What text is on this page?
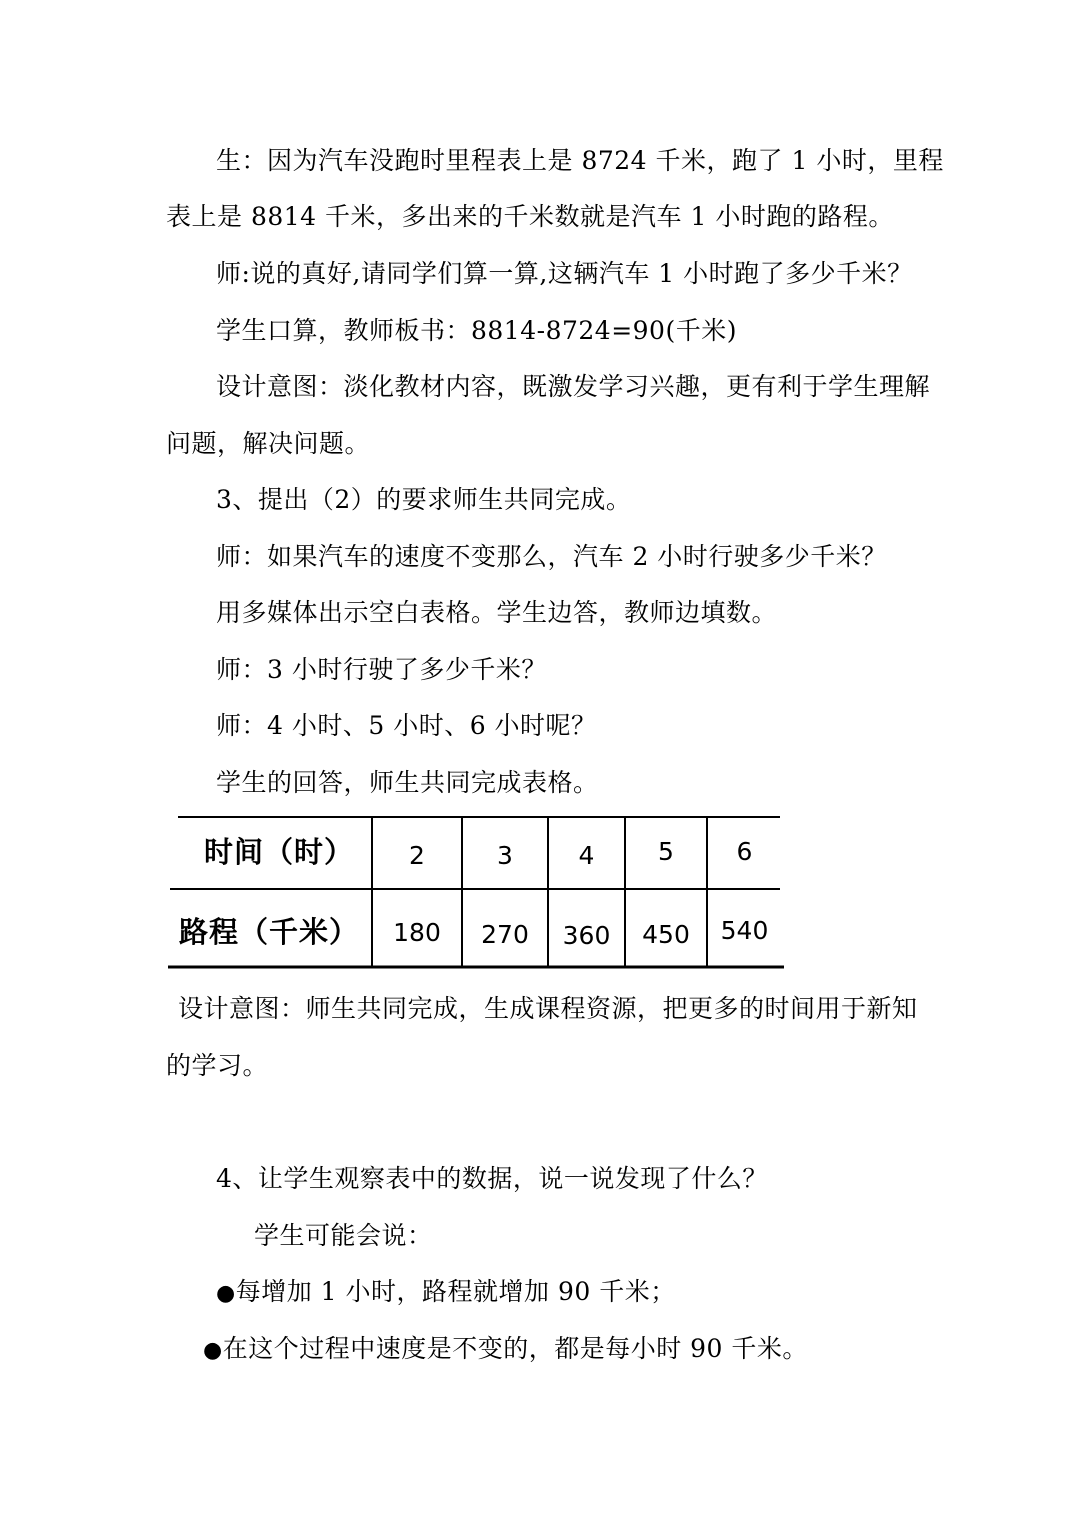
生：因为汽车没跑时里程表上是 8724 千米，跑了 1 小时，里程
表上是 8814 千米，多出来的千米数就是汽车 1 小时跑的路程。
师:说的真好,请同学们算一算,这辆汽车 1 小时跑了多少千米？
学生口算，教师板书：8814-8724=90(千米)
设计意图：淡化教材内容，既激发学习兴趣，更有利于学生理解
问题，解决问题。
3、提出（2）的要求师生共同完成。
师：如果汽车的速度不变那么，汽车 2 小时行驶多少千米？
用多媒体出示空白表格。学生边答，教师边填数。
师：3 小时行驶了多少千米？
师：4 小时、5 小时、6 小时呢？
学生的回答，师生共同完成表格。
时间（时）	2	3	4	5	6
路程（千米）	180	270	360	450	540
设计意图：师生共同完成，生成课程资源，把更多的时间用于新知
的学习。
4、让学生观察表中的数据，说一说发现了什么？
学生可能会说：
●每增加 1 小时，路程就增加 90 千米；
●在这个过程中速度是不变的，都是每小时 90 千米。
